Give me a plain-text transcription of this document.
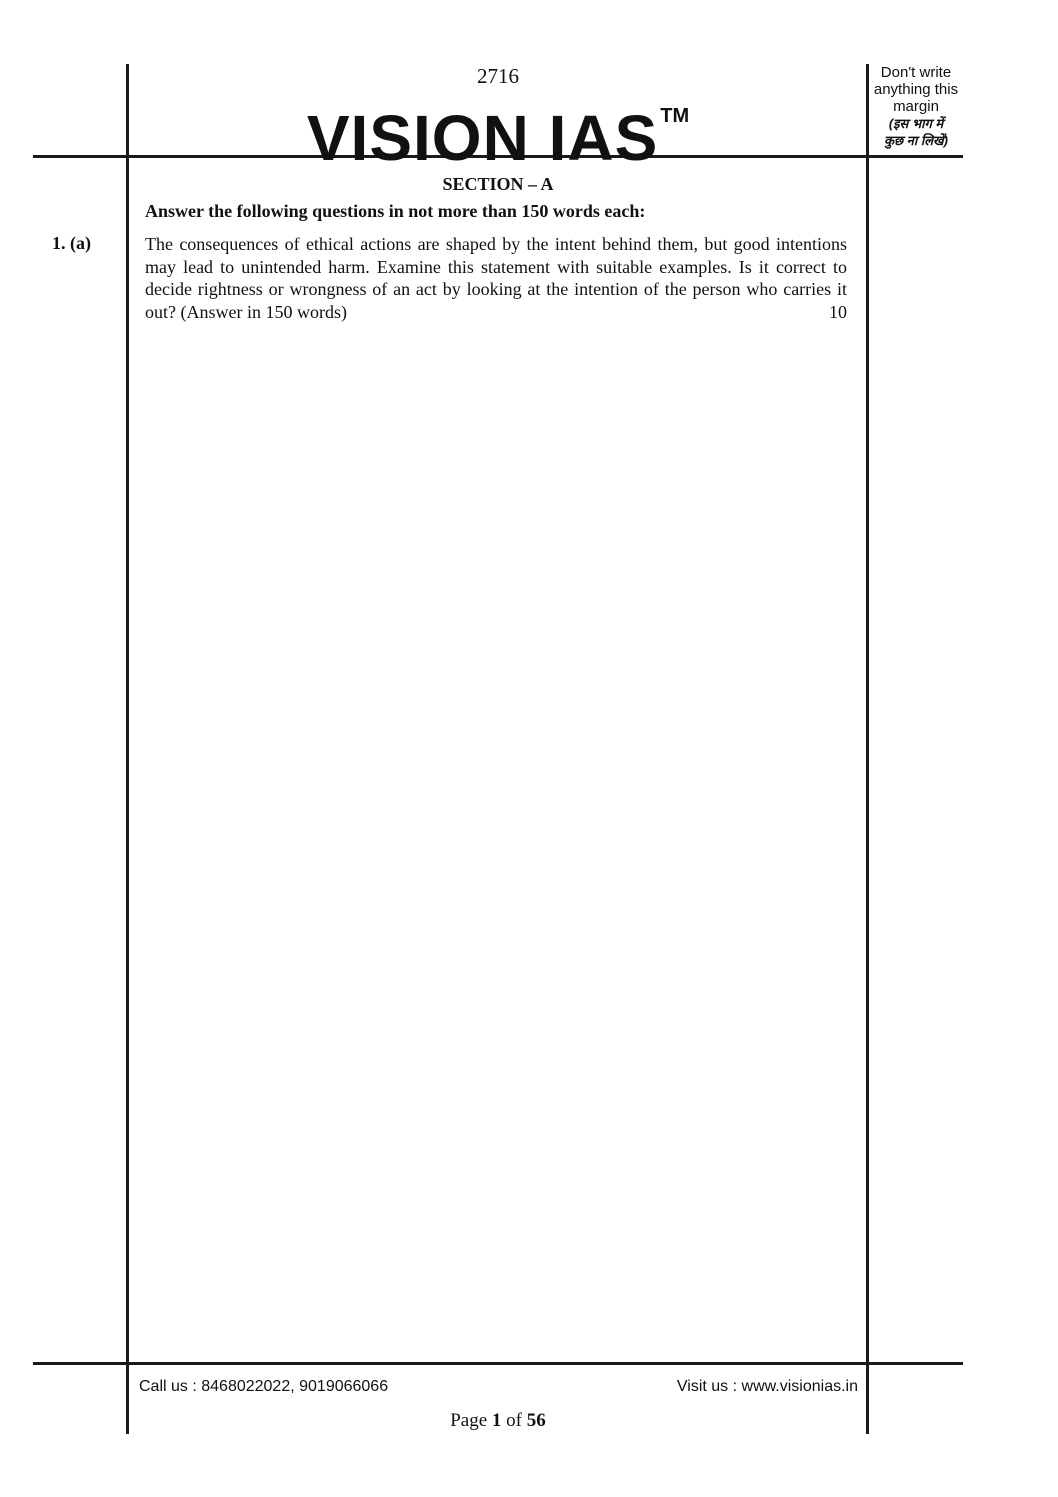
2716
VISION IAS ™
Don't write
anything this
margin
(इस भाग में
कुछ ना लिखें)
SECTION – A
Answer the following questions in not more than 150 words each:
1. (a)	The consequences of ethical actions are shaped by the intent behind them, but good intentions may lead to unintended harm. Examine this statement with suitable examples. Is it correct to decide rightness or wrongness of an act by looking at the intention of the person who carries it out? (Answer in 150 words)	10
Call us : 8468022022, 9019066066	Visit us : www.visionias.in
Page 1 of 56
